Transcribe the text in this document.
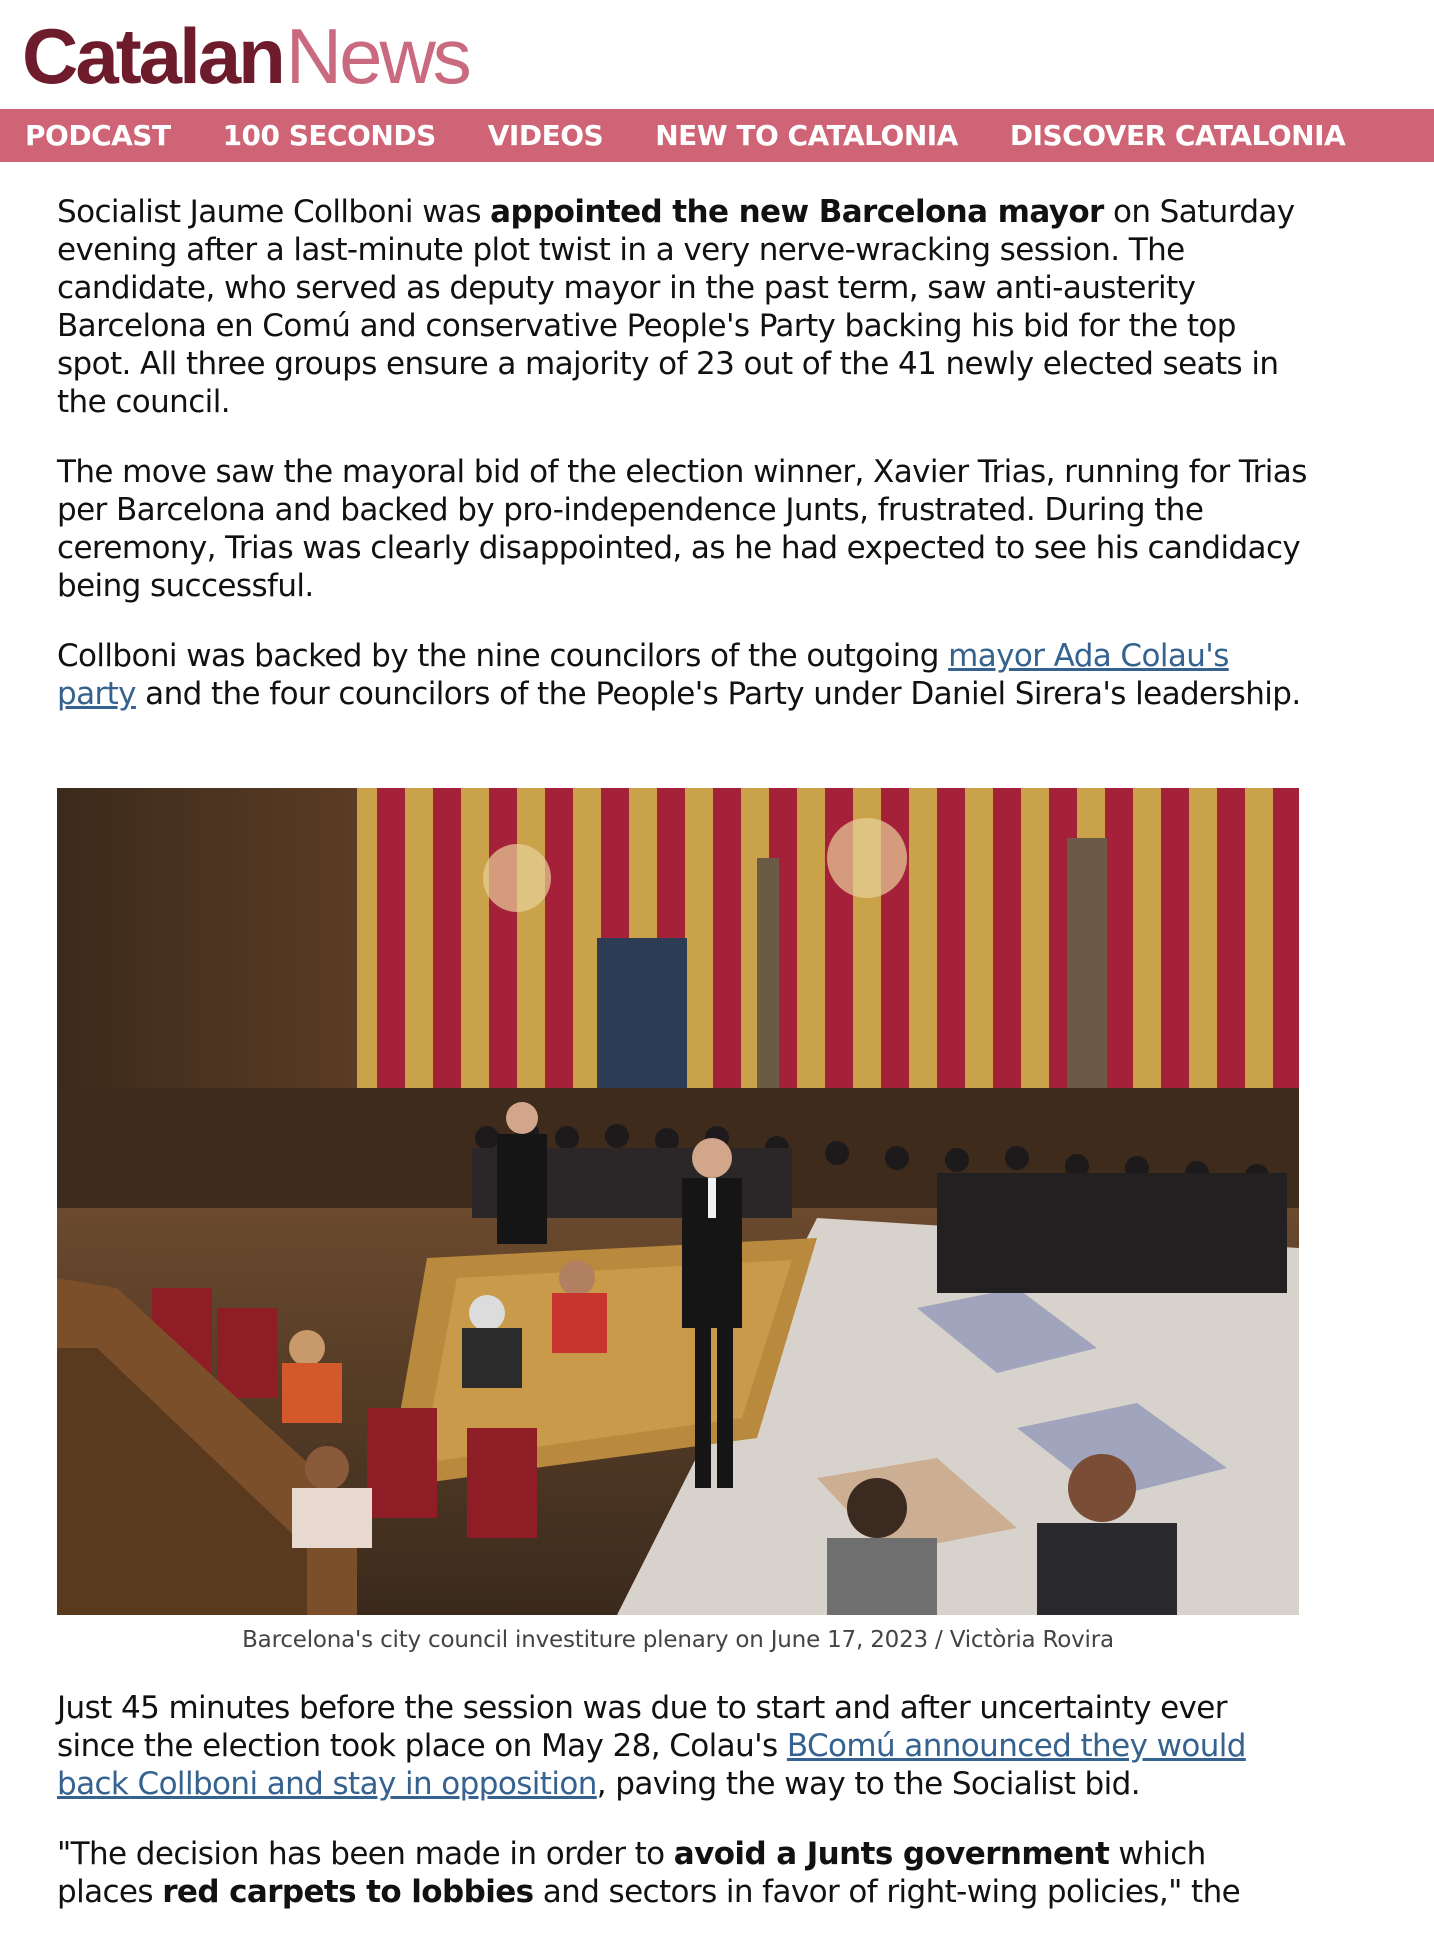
CatalanNews
PODCAST 100 SECONDS VIDEOS NEW TO CATALONIA DISCOVER CATALONIA

Socialist Jaume Collboni was appointed the new Barcelona mayor on Saturday evening after a last-minute plot twist in a very nerve-wracking session. The candidate, who served as deputy mayor in the past term, saw anti-austerity Barcelona en Comú and conservative People's Party backing his bid for the top spot. All three groups ensure a majority of 23 out of the 41 newly elected seats in the council.

The move saw the mayoral bid of the election winner, Xavier Trias, running for Trias per Barcelona and backed by pro-independence Junts, frustrated. During the ceremony, Trias was clearly disappointed, as he had expected to see his candidacy being successful.

Collboni was backed by the nine councilors of the outgoing mayor Ada Colau's party and the four councilors of the People's Party under Daniel Sirera's leadership.

Barcelona's city council investiture plenary on June 17, 2023 / Victòria Rovira

Just 45 minutes before the session was due to start and after uncertainty ever since the election took place on May 28, Colau's BComú announced they would back Collboni and stay in opposition, paving the way to the Socialist bid.

"The decision has been made in order to avoid a Junts government which places red carpets to lobbies and sectors in favor of right-wing policies," the
